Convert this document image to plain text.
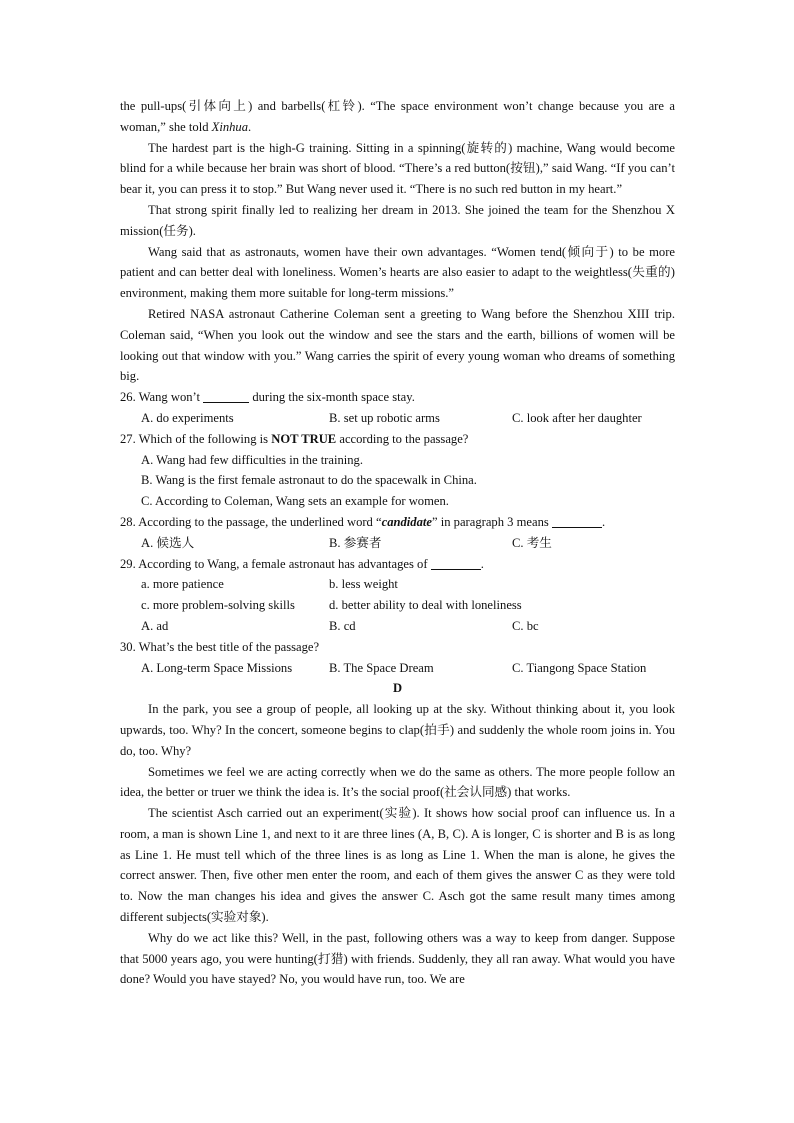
the pull-ups(引体向上) and barbells(杠铃). “The space environment won’t change because you are a woman,” she told Xinhua.

The hardest part is the high-G training. Sitting in a spinning(旋转的) machine, Wang would become blind for a while because her brain was short of blood. “There’s a red button(按钮),” said Wang. “If you can’t bear it, you can press it to stop.” But Wang never used it. “There is no such red button in my heart.”

That strong spirit finally led to realizing her dream in 2013. She joined the team for the Shenzhou X mission(任务).

Wang said that as astronauts, women have their own advantages. “Women tend(倾向于) to be more patient and can better deal with loneliness. Women’s hearts are also easier to adapt to the weightless(失重的) environment, making them more suitable for long-term missions.”

Retired NASA astronaut Catherine Coleman sent a greeting to Wang before the Shenzhou XIII trip. Coleman said, “When you look out the window and see the stars and the earth, billions of women will be looking out that window with you.” Wang carries the spirit of every young woman who dreams of something big.

26. Wang won’t	during the six-month space stay.

A. do experiments	B. set up robotic arms	C. look after her daughter

27. Which of the following is NOT TRUE according to the passage?

A. Wang had few difficulties in the training.

B. Wang is the first female astronaut to do the spacewalk in China.

C. According to Coleman, Wang sets an example for women.

28. According to the passage, the underlined word “candidate” in paragraph 3 means	.

A. 候选人	B. 参赛者	C. 考生

29. According to Wang, a female astronaut has advantages of	.

a. more patience	b. less weight
c. more problem-solving skills	d. better ability to deal with loneliness
A. ad	B. cd	C. bc

30. What’s the best title of the passage?

A. Long-term Space Missions	B. The Space Dream	C. Tiangong Space Station

D

In the park, you see a group of people, all looking up at the sky. Without thinking about it, you look upwards, too. Why? In the concert, someone begins to clap(拍手) and suddenly the whole room joins in. You do, too. Why?

Sometimes we feel we are acting correctly when we do the same as others. The more people follow an idea, the better or truer we think the idea is. It’s the social proof(社会认同感) that works.

The scientist Asch carried out an experiment(实验). It shows how social proof can influence us. In a room, a man is shown Line 1, and next to it are three lines (A, B, C). A is longer, C is shorter and B is as long as Line 1. He must tell which of the three lines is as long as Line 1. When the man is alone, he gives the correct answer. Then, five other men enter the room, and each of them gives the answer C as they were told to. Now the man changes his idea and gives the answer C. Asch got the same result many times among different subjects(实验对象).

Why do we act like this? Well, in the past, following others was a way to keep from danger. Suppose that 5000 years ago, you were hunting(打猎) with friends. Suddenly, they all ran away. What would you have done? Would you have stayed? No, you would have run, too. We are
